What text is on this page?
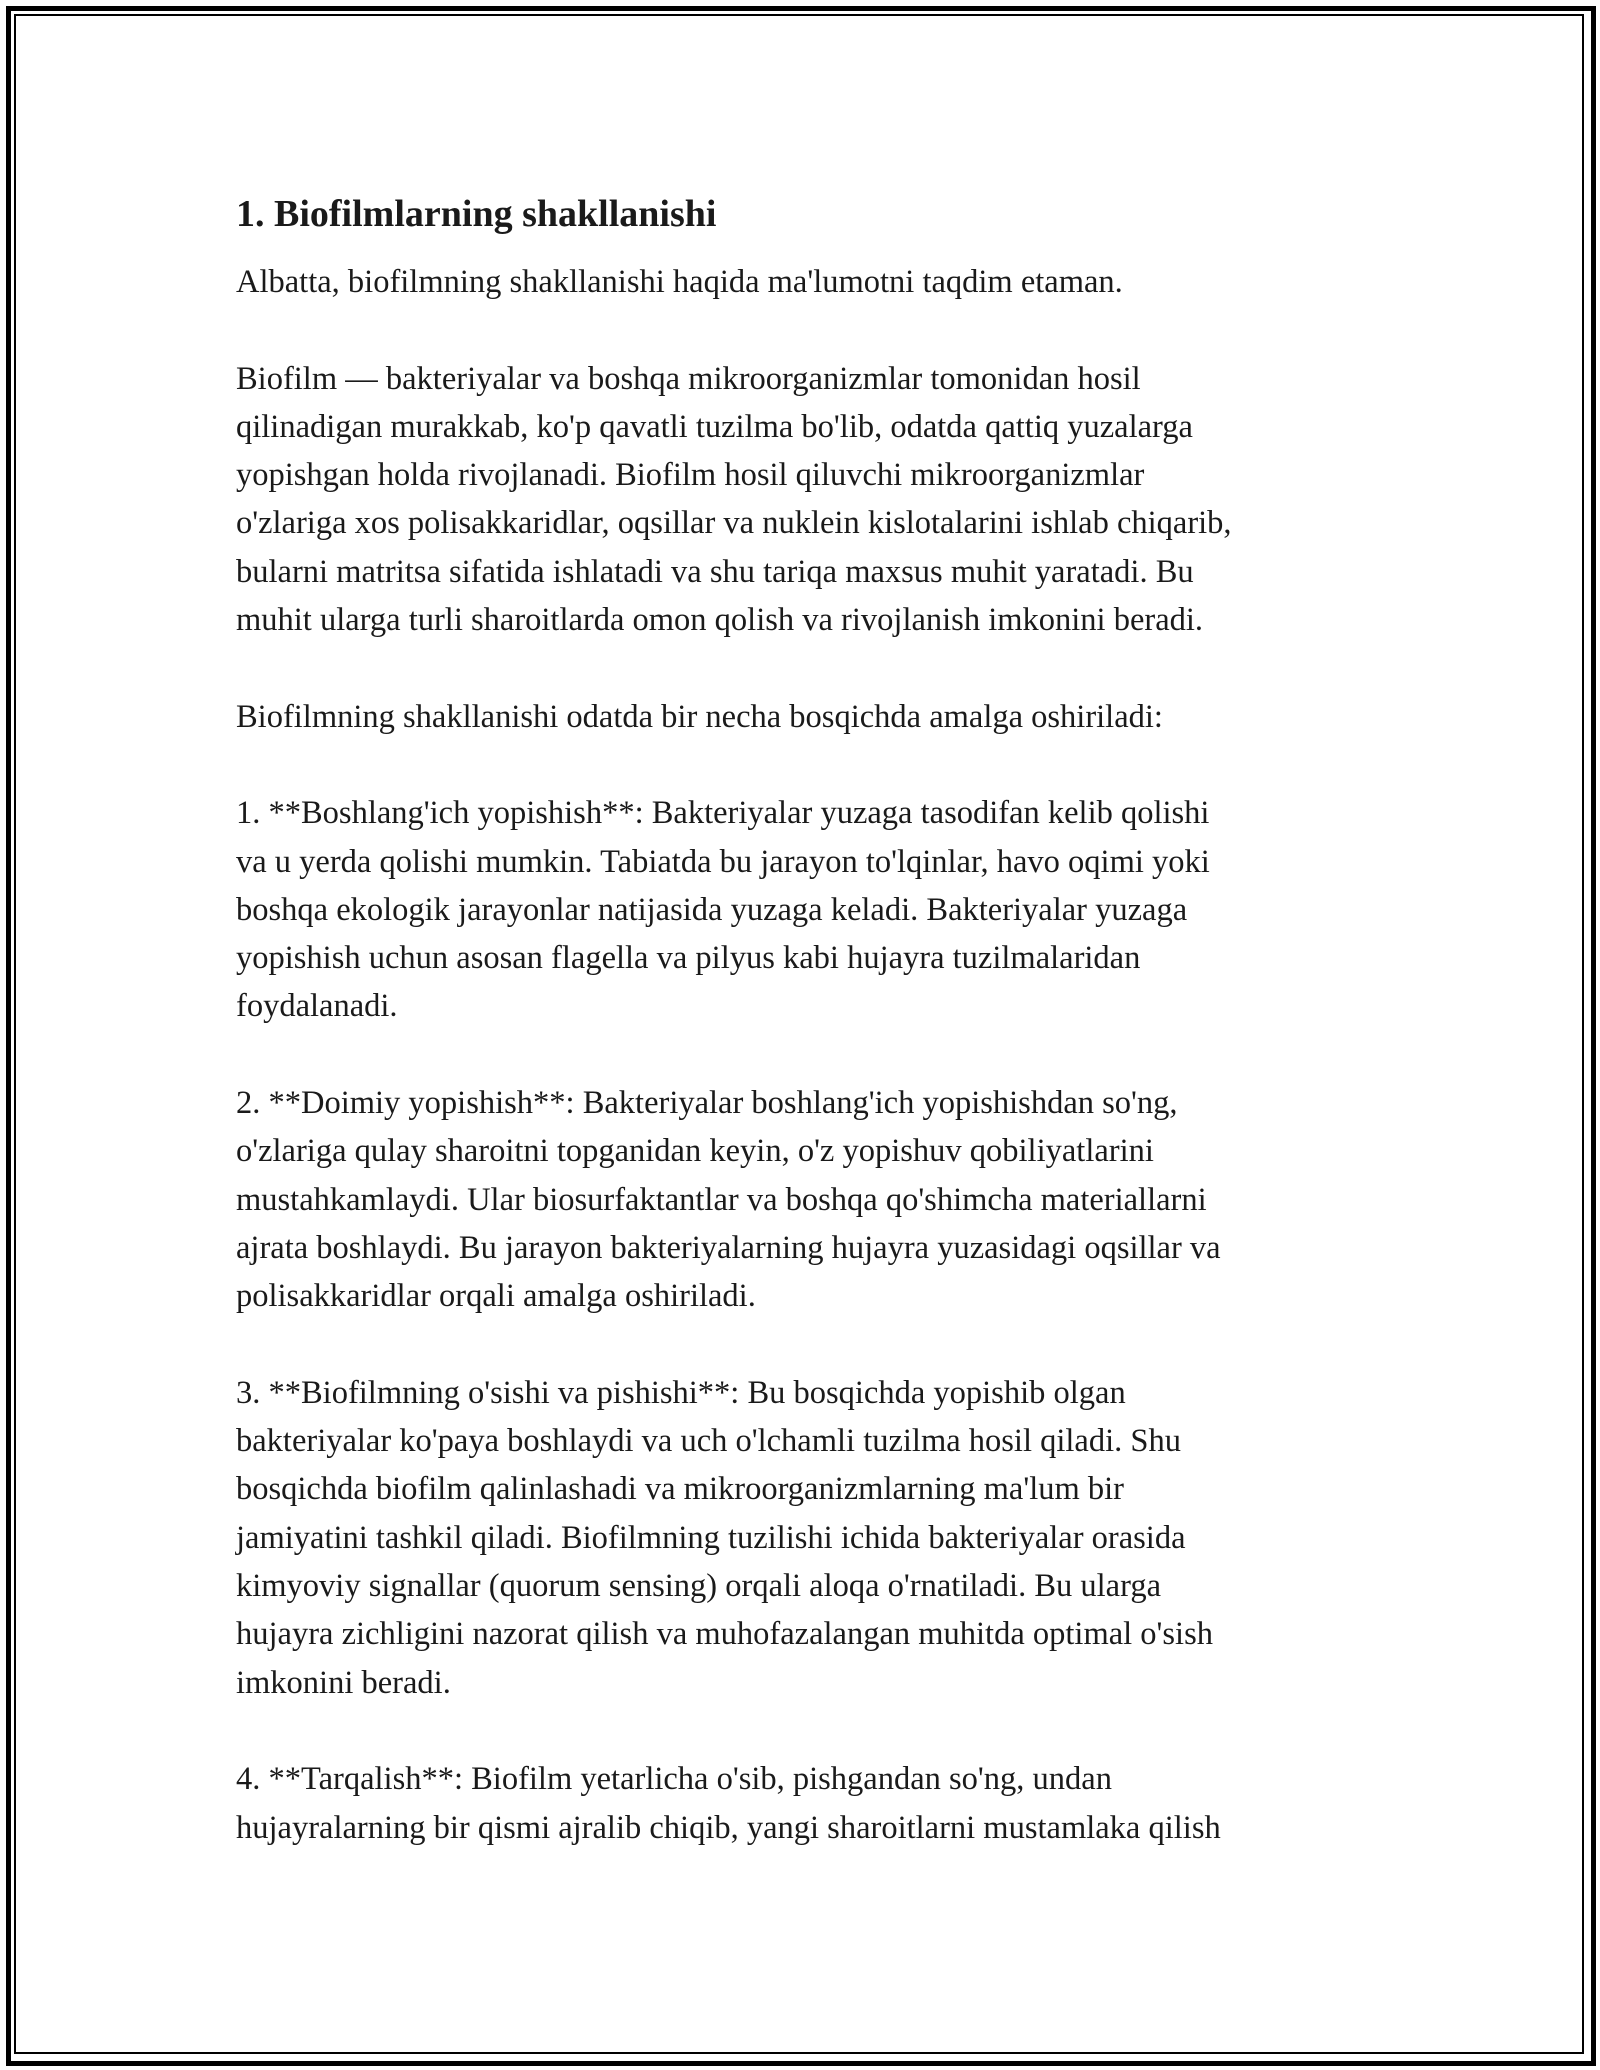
1. Biofilmlarning shakllanishi

Albatta, biofilmning shakllanishi haqida ma'lumotni taqdim etaman.

Biofilm — bakteriyalar va boshqa mikroorganizmlar tomonidan hosil
qilinadigan murakkab, ko'p qavatli tuzilma bo'lib, odatda qattiq yuzalarga
yopishgan holda rivojlanadi. Biofilm hosil qiluvchi mikroorganizmlar
o'zlariga xos polisakkaridlar, oqsillar va nuklein kislotalarini ishlab chiqarib,
bularni matritsa sifatida ishlatadi va shu tariqa maxsus muhit yaratadi. Bu
muhit ularga turli sharoitlarda omon qolish va rivojlanish imkonini beradi.

Biofilmning shakllanishi odatda bir necha bosqichda amalga oshiriladi:

1. **Boshlang'ich yopishish**: Bakteriyalar yuzaga tasodifan kelib qolishi
va u yerda qolishi mumkin. Tabiatda bu jarayon to'lqinlar, havo oqimi yoki
boshqa ekologik jarayonlar natijasida yuzaga keladi. Bakteriyalar yuzaga
yopishish uchun asosan flagella va pilyus kabi hujayra tuzilmalaridan
foydalanadi.

2. **Doimiy yopishish**: Bakteriyalar boshlang'ich yopishishdan so'ng,
o'zlariga qulay sharoitni topganidan keyin, o'z yopishuv qobiliyatlarini
mustahkamlaydi. Ular biosurfaktantlar va boshqa qo'shimcha materiallarni
ajrata boshlaydi. Bu jarayon bakteriyalarning hujayra yuzasidagi oqsillar va
polisakkaridlar orqali amalga oshiriladi.

3. **Biofilmning o'sishi va pishishi**: Bu bosqichda yopishib olgan
bakteriyalar ko'paya boshlaydi va uch o'lchamli tuzilma hosil qiladi. Shu
bosqichda biofilm qalinlashadi va mikroorganizmlarning ma'lum bir
jamiyatini tashkil qiladi. Biofilmning tuzilishi ichida bakteriyalar orasida
kimyoviy signallar (quorum sensing) orqali aloqa o'rnatiladi. Bu ularga
hujayra zichligini nazorat qilish va muhofazalangan muhitda optimal o'sish
imkonini beradi.

4. **Tarqalish**: Biofilm yetarlicha o'sib, pishgandan so'ng, undan
hujayralarning bir qismi ajralib chiqib, yangi sharoitlarni mustamlaka qilish
